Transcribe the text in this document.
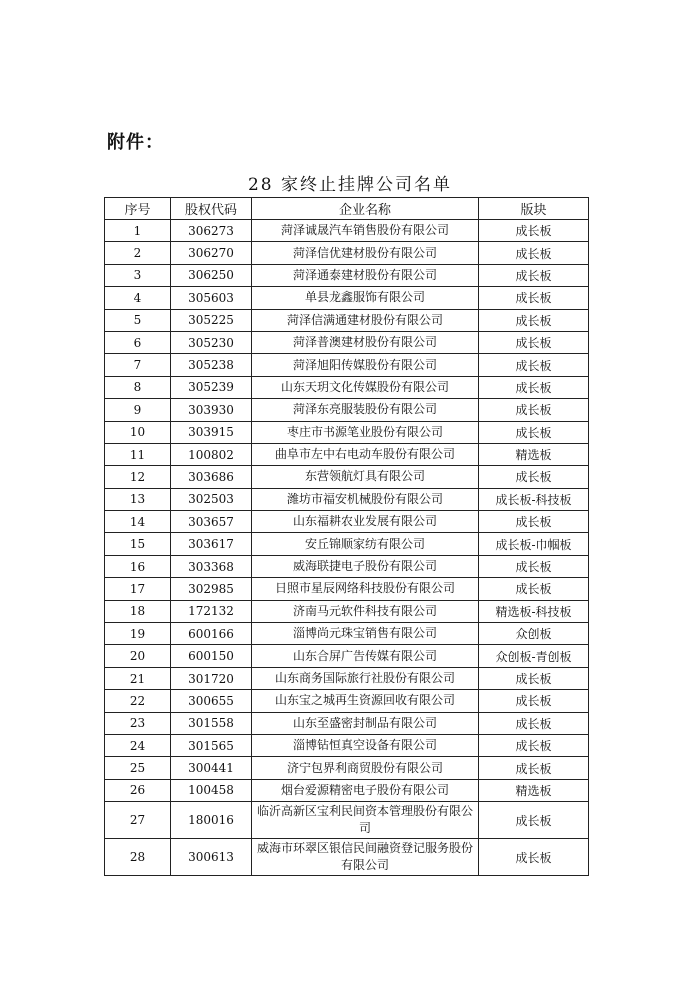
附件：
28 家终止挂牌公司名单
序号	股权代码	企业名称	版块
1	306273	菏泽诚晟汽车销售股份有限公司	成长板
2	306270	菏泽信优建材股份有限公司	成长板
3	306250	菏泽通泰建材股份有限公司	成长板
4	305603	单县龙鑫服饰有限公司	成长板
5	305225	菏泽信满通建材股份有限公司	成长板
6	305230	菏泽普澳建材股份有限公司	成长板
7	305238	菏泽旭阳传媒股份有限公司	成长板
8	305239	山东天玥文化传媒股份有限公司	成长板
9	303930	菏泽东亮服装股份有限公司	成长板
10	303915	枣庄市书源笔业股份有限公司	成长板
11	100802	曲阜市左中右电动车股份有限公司	精选板
12	303686	东营领航灯具有限公司	成长板
13	302503	潍坊市福安机械股份有限公司	成长板-科技板
14	303657	山东福耕农业发展有限公司	成长板
15	303617	安丘锦顺家纺有限公司	成长板-巾帼板
16	303368	威海联捷电子股份有限公司	成长板
17	302985	日照市星辰网络科技股份有限公司	成长板
18	172132	济南马元软件科技有限公司	精选板-科技板
19	600166	淄博尚元珠宝销售有限公司	众创板
20	600150	山东合屏广告传媒有限公司	众创板-青创板
21	301720	山东商务国际旅行社股份有限公司	成长板
22	300655	山东宝之城再生资源回收有限公司	成长板
23	301558	山东至盛密封制品有限公司	成长板
24	301565	淄博钻恒真空设备有限公司	成长板
25	300441	济宁包界利商贸股份有限公司	成长板
26	100458	烟台爱源精密电子股份有限公司	精选板
27	180016	临沂高新区宝利民间资本管理股份有限公司	成长板
28	300613	威海市环翠区银信民间融资登记服务股份有限公司	成长板
